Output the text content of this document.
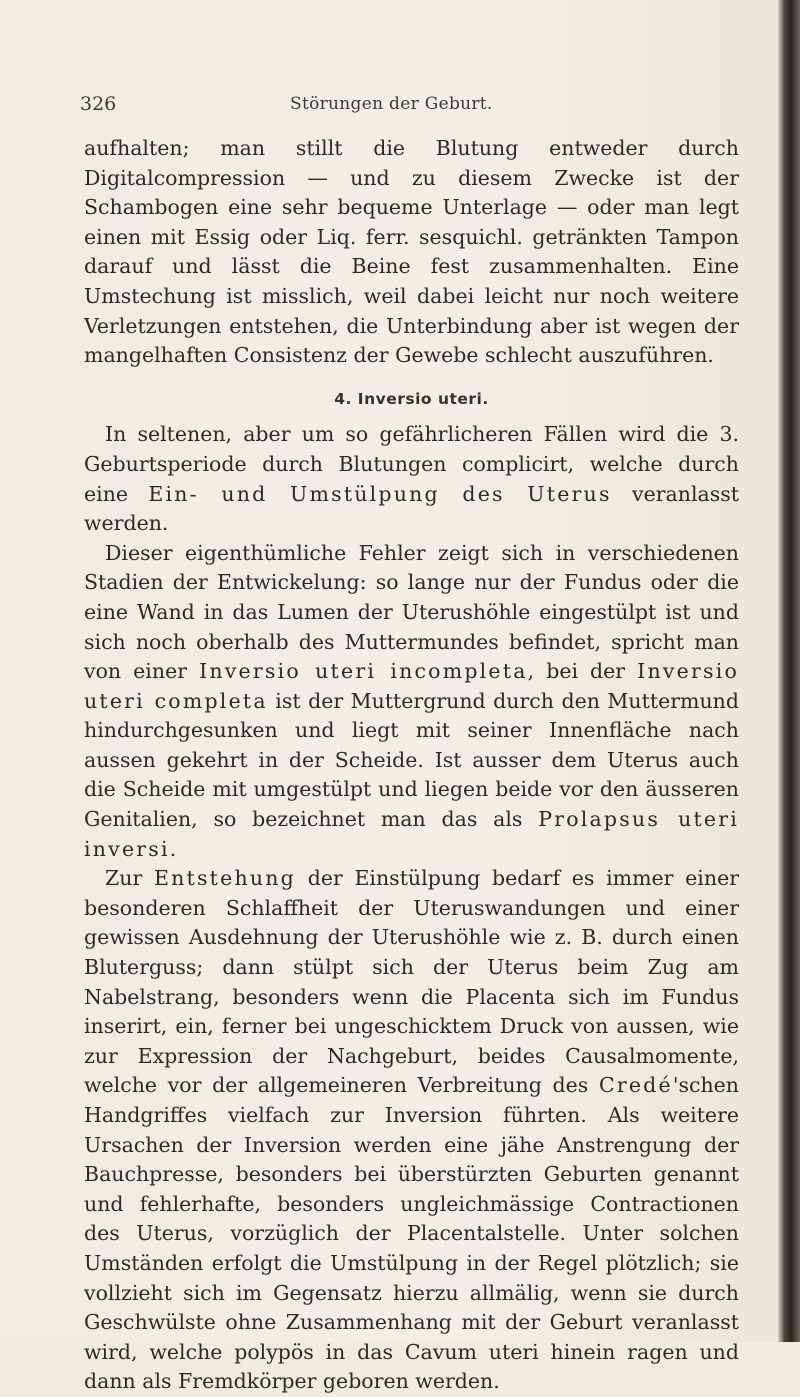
326	Störungen der Geburt.

aufhalten; man stillt die Blutung entweder durch Digitalcompression — und zu diesem Zwecke ist der Schambogen eine sehr bequeme Unterlage — oder man legt einen mit Essig oder Liq. ferr. sesquichl. getränkten Tampon darauf und lässt die Beine fest zusammenhalten. Eine Umstechung ist misslich, weil dabei leicht nur noch weitere Verletzungen entstehen, die Unterbindung aber ist wegen der mangelhaften Consistenz der Gewebe schlecht auszuführen.

4. Inversio uteri.

In seltenen, aber um so gefährlicheren Fällen wird die 3. Geburtsperiode durch Blutungen complicirt, welche durch eine Ein- und Umstülpung des Uterus veranlasst werden.

Dieser eigenthümliche Fehler zeigt sich in verschiedenen Stadien der Entwickelung: so lange nur der Fundus oder die eine Wand in das Lumen der Uterushöhle eingestülpt ist und sich noch oberhalb des Muttermundes befindet, spricht man von einer Inversio uteri incompleta, bei der Inversio uteri completa ist der Muttergrund durch den Muttermund hindurchgesunken und liegt mit seiner Innenfläche nach aussen gekehrt in der Scheide. Ist ausser dem Uterus auch die Scheide mit umgestülpt und liegen beide vor den äusseren Genitalien, so bezeichnet man das als Prolapsus uteri inversi.

Zur Entstehung der Einstülpung bedarf es immer einer besonderen Schlaffheit der Uteruswandungen und einer gewissen Ausdehnung der Uterushöhle wie z. B. durch einen Bluterguss; dann stülpt sich der Uterus beim Zug am Nabelstrang, besonders wenn die Placenta sich im Fundus inserirt, ein, ferner bei ungeschicktem Druck von aussen, wie zur Expression der Nachgeburt, beides Causalmomente, welche vor der allgemeineren Verbreitung des Credé'schen Handgriffes vielfach zur Inversion führten. Als weitere Ursachen der Inversion werden eine jähe Anstrengung der Bauchpresse, besonders bei überstürzten Geburten genannt und fehlerhafte, besonders ungleichmässige Contractionen des Uterus, vorzüglich der Placentalstelle. Unter solchen Umständen erfolgt die Umstülpung in der Regel plötzlich; sie vollzieht sich im Gegensatz hierzu allmälig, wenn sie durch Geschwülste ohne Zusammenhang mit der Geburt veranlasst wird, welche polypös in das Cavum uteri hinein ragen und dann als Fremdkörper geboren werden.
